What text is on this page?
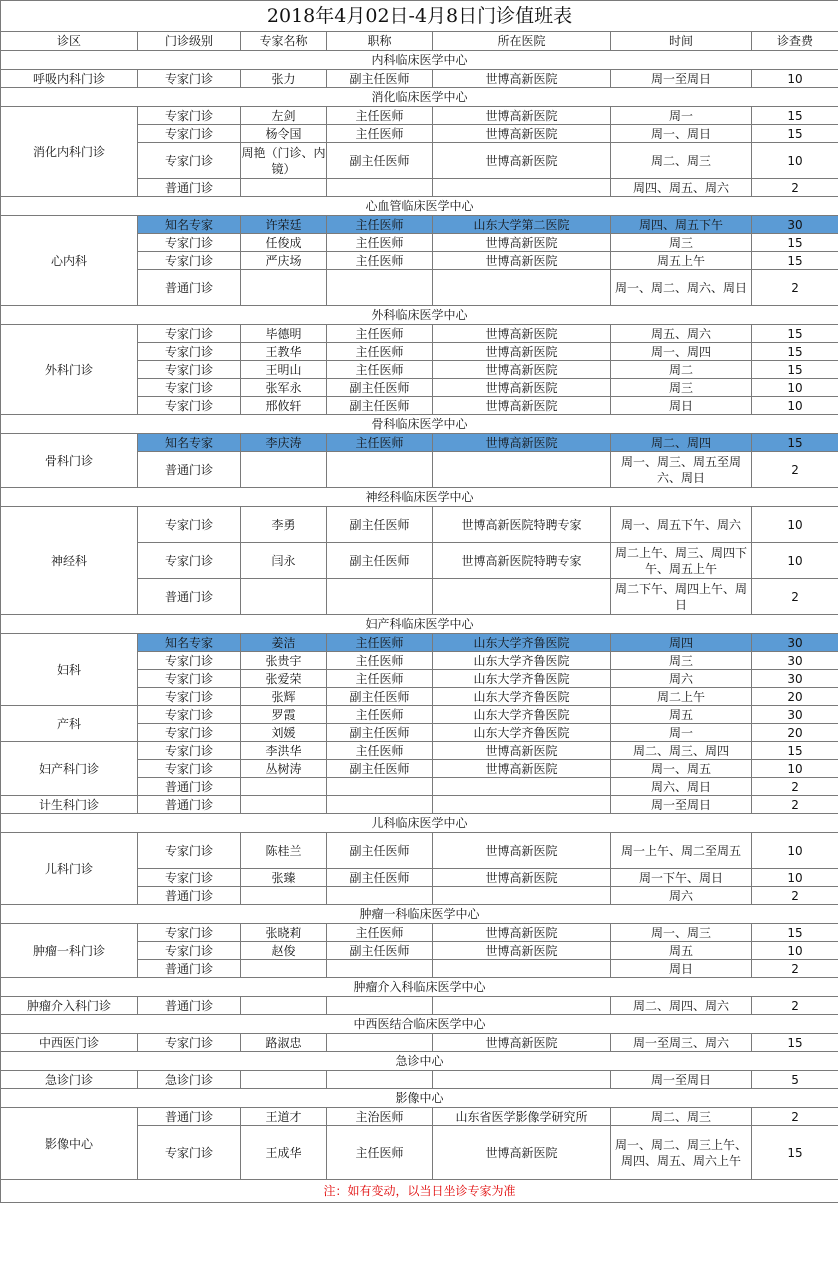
2018年4月02日-4月8日门诊值班表						
诊区	门诊级别	专家名称	职称	所在医院	时间	诊查费
内科临床医学中心						
呼吸内科门诊	专家门诊	张力	副主任医师	世博高新医院	周一至周日	10
消化临床医学中心						
消化内科门诊	专家门诊	左剑	主任医师	世博高新医院	周一	15
	专家门诊	杨令国	主任医师	世博高新医院	周一、周日	15
	专家门诊	周艳（门诊、内镜）	副主任医师	世博高新医院	周二、周三	10
	普通门诊				周四、周五、周六	2
心血管临床医学中心						
心内科	知名专家	许荣廷	主任医师	山东大学第二医院	周四、周五下午	30
	专家门诊	任俊成	主任医师	世博高新医院	周三	15
	专家门诊	严庆场	主任医师	世博高新医院	周五上午	15
	普通门诊				周一、周二、周六、周日	2
外科临床医学中心						
外科门诊	专家门诊	毕德明	主任医师	世博高新医院	周五、周六	15
	专家门诊	王教华	主任医师	世博高新医院	周一、周四	15
	专家门诊	王明山	主任医师	世博高新医院	周二	15
	专家门诊	张军永	副主任医师	世博高新医院	周三	10
	专家门诊	邢攸轩	副主任医师	世博高新医院	周日	10
骨科临床医学中心						
骨科门诊	知名专家	李庆涛	主任医师	世博高新医院	周二、周四	15
	普通门诊				周一、周三、周五至周六、周日	2
神经科临床医学中心						
神经科	专家门诊	李勇	副主任医师	世博高新医院特聘专家	周一、周五下午、周六	10
	专家门诊	闫永	副主任医师	世博高新医院特聘专家	周二上午、周三、周四下午、周五上午	10
	普通门诊				周二下午、周四上午、周日	2
妇产科临床医学中心						
妇科	知名专家	姜洁	主任医师	山东大学齐鲁医院	周四	30
	专家门诊	张贵宇	主任医师	山东大学齐鲁医院	周三	30
	专家门诊	张爱荣	主任医师	山东大学齐鲁医院	周六	30
	专家门诊	张辉	副主任医师	山东大学齐鲁医院	周二上午	20
产科	专家门诊	罗霞	主任医师	山东大学齐鲁医院	周五	30
	专家门诊	刘媛	副主任医师	山东大学齐鲁医院	周一	20
妇产科门诊	专家门诊	李洪华	主任医师	世博高新医院	周二、周三、周四	15
	专家门诊	丛树涛	副主任医师	世博高新医院	周一、周五	10
	普通门诊				周六、周日	2
计生科门诊	普通门诊				周一至周日	2
儿科临床医学中心						
儿科门诊	专家门诊	陈桂兰	副主任医师	世博高新医院	周一上午、周二至周五	10
	专家门诊	张臻	副主任医师	世博高新医院	周一下午、周日	10
	普通门诊				周六	2
肿瘤一科临床医学中心						
肿瘤一科门诊	专家门诊	张晓莉	主任医师	世博高新医院	周一、周三	15
	专家门诊	赵俊	副主任医师	世博高新医院	周五	10
	普通门诊				周日	2
肿瘤介入科临床医学中心						
肿瘤介入科门诊	普通门诊				周二、周四、周六	2
中西医结合临床医学中心						
中西医门诊	专家门诊	路淑忠		世博高新医院	周一至周三、周六	15
急诊中心						
急诊门诊	急诊门诊				周一至周日	5
影像中心						
影像中心	普通门诊	王道才	主治医师	山东省医学影像学研究所	周二、周三	2
	专家门诊	王成华	主任医师	世博高新医院	周一、周二、周三上午、周四、周五、周六上午	15
注：如有变动，以当日坐诊专家为准						
